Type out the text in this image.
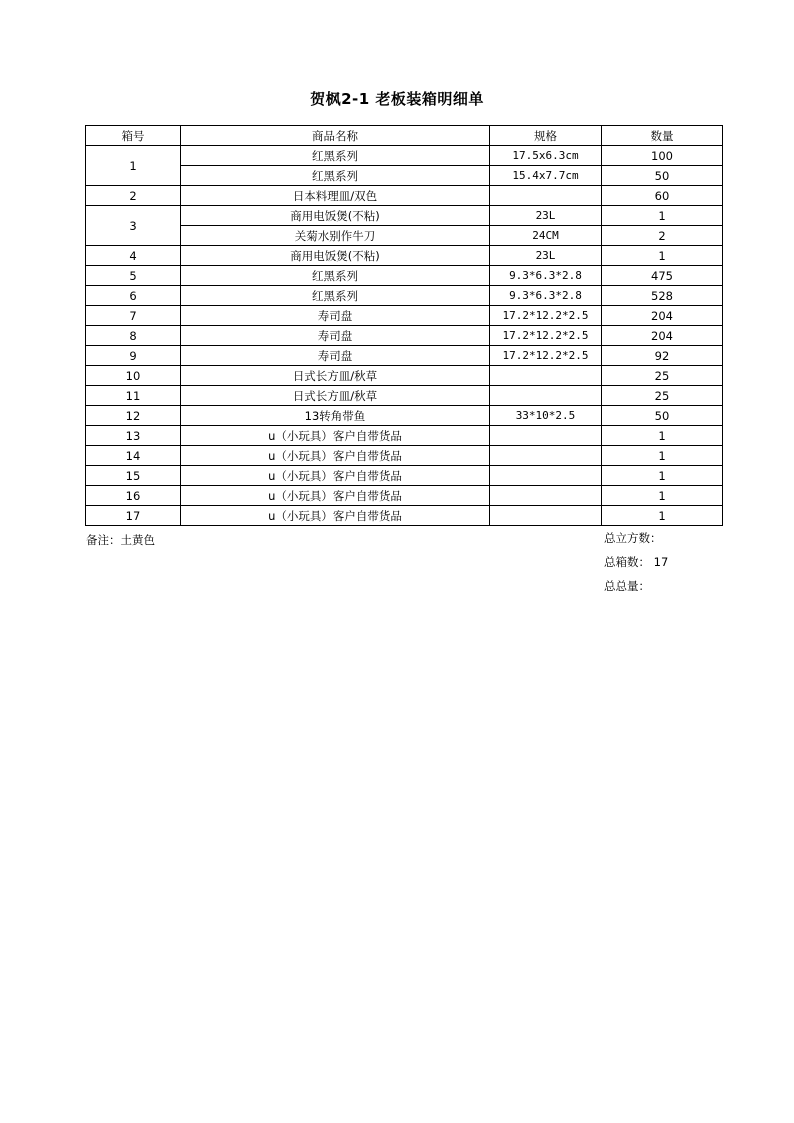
贺枫2-1 老板装箱明细单
箱号	商品名称	规格	数量
1	红黑系列	17.5x6.3cm	100
	红黑系列	15.4x7.7cm	50
2	日本料理皿/双色		60
3	商用电饭煲(不粘)	23L	1
	关菊水别作牛刀	24CM	2
4	商用电饭煲(不粘)	23L	1
5	红黑系列	9.3*6.3*2.8	475
6	红黑系列	9.3*6.3*2.8	528
7	寿司盘	17.2*12.2*2.5	204
8	寿司盘	17.2*12.2*2.5	204
9	寿司盘	17.2*12.2*2.5	92
10	日式长方皿/秋草		25
11	日式长方皿/秋草		25
12	13转角带鱼	33*10*2.5	50
13	u（小玩具）客户自带货品		1
14	u（小玩具）客户自带货品		1
15	u（小玩具）客户自带货品		1
16	u（小玩具）客户自带货品		1
17	u（小玩具）客户自带货品		1
备注：土黄色	总立方数：
总箱数： 17
总总量：
